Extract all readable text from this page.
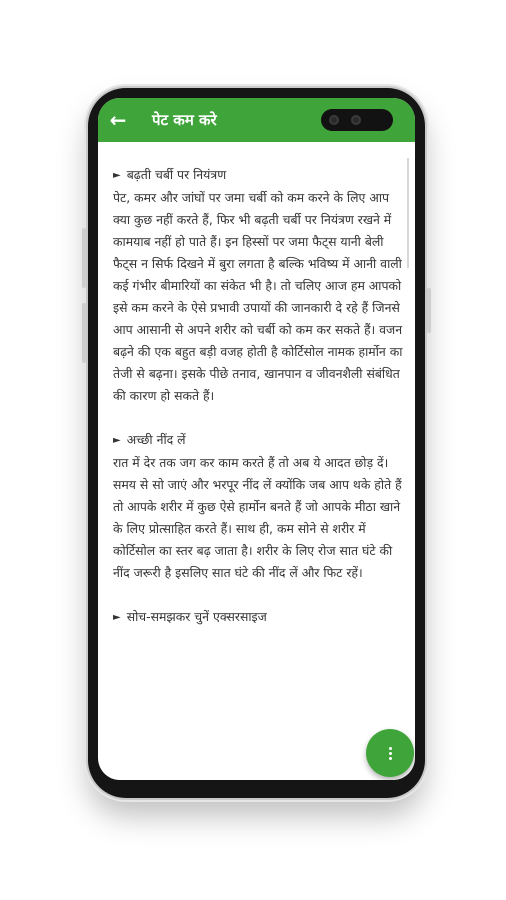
←	पेट कम करे
► बढ़ती चर्बी पर नियंत्रण
पेट, कमर और जांघों पर जमा चर्बी को कम करने के लिए आप क्या कुछ नहीं करते हैं, फिर भी बढ़ती चर्बी पर नियंत्रण रखने में कामयाब नहीं हो पाते हैं। इन हिस्सों पर जमा फैट्स यानी बेली फैट्स न सिर्फ दिखने में बुरा लगता है बल्कि भविष्य में आनी वाली कई गंभीर बीमारियों का संकेत भी है। तो चलिए आज हम आपको इसे कम करने के ऐसे प्रभावी उपायों की जानकारी दे रहे हैं जिनसे आप आसानी से अपने शरीर को चर्बी को कम कर सकते हैं। वजन बढ़ने की एक बहुत बड़ी वजह होती है कोर्टिसोल नामक हार्मोन का तेजी से बढ़ना। इसके पीछे तनाव, खानपान व जीवनशैली संबंधित की कारण हो सकते हैं।
► अच्छी नींद लें
रात में देर तक जग कर काम करते हैं तो अब ये आदत छोड़ दें। समय से सो जाएं और भरपूर नींद लें क्योंकि जब आप थके होते हैं तो आपके शरीर में कुछ ऐसे हार्मोन बनते हैं जो आपके मीठा खाने के लिए प्रोत्साहित करते हैं। साथ ही, कम सोने से शरीर में कोर्टिसोल का स्तर बढ़ जाता है। शरीर के लिए रोज सात घंटे की नींद जरूरी है इसलिए सात घंटे की नींद लें और फिट रहें।
► सोच-समझकर चुनें एक्सरसाइज
